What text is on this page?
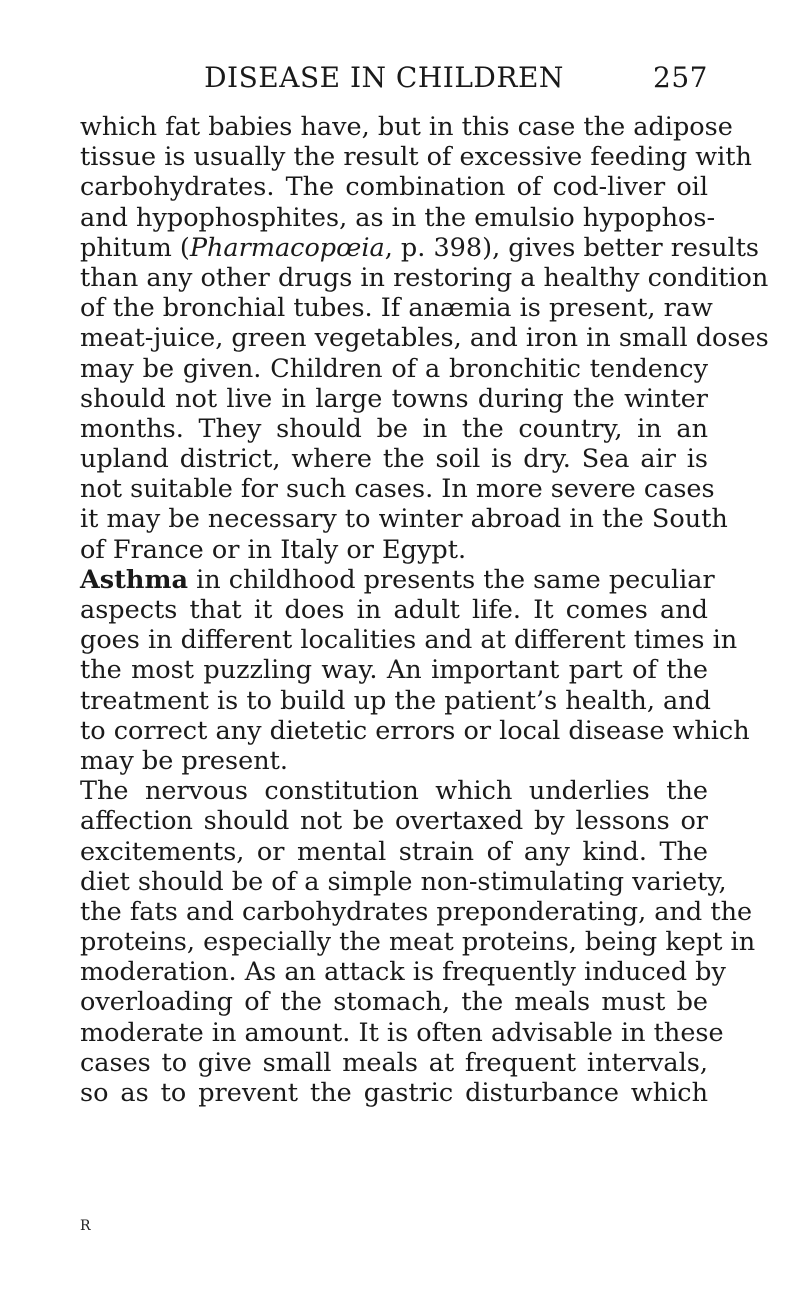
DISEASE IN CHILDREN	257
which fat babies have, but in this case the adipose
tissue is usually the result of excessive feeding with
carbohydrates. The combination of cod-liver oil
and hypophosphites, as in the emulsio hypophos-
phitum (Pharmacopœia, p. 398), gives better results
than any other drugs in restoring a healthy condition
of the bronchial tubes. If anæmia is present, raw
meat-juice, green vegetables, and iron in small doses
may be given. Children of a bronchitic tendency
should not live in large towns during the winter
months. They should be in the country, in an
upland district, where the soil is dry. Sea air is
not suitable for such cases. In more severe cases
it may be necessary to winter abroad in the South
of France or in Italy or Egypt.
Asthma in childhood presents the same peculiar
aspects that it does in adult life. It comes and
goes in different localities and at different times in
the most puzzling way. An important part of the
treatment is to build up the patient’s health, and
to correct any dietetic errors or local disease which
may be present.
The nervous constitution which underlies the
affection should not be overtaxed by lessons or
excitements, or mental strain of any kind. The
diet should be of a simple non-stimulating variety,
the fats and carbohydrates preponderating, and the
proteins, especially the meat proteins, being kept in
moderation. As an attack is frequently induced by
overloading of the stomach, the meals must be
moderate in amount. It is often advisable in these
cases to give small meals at frequent intervals,
so as to prevent the gastric disturbance which
R
